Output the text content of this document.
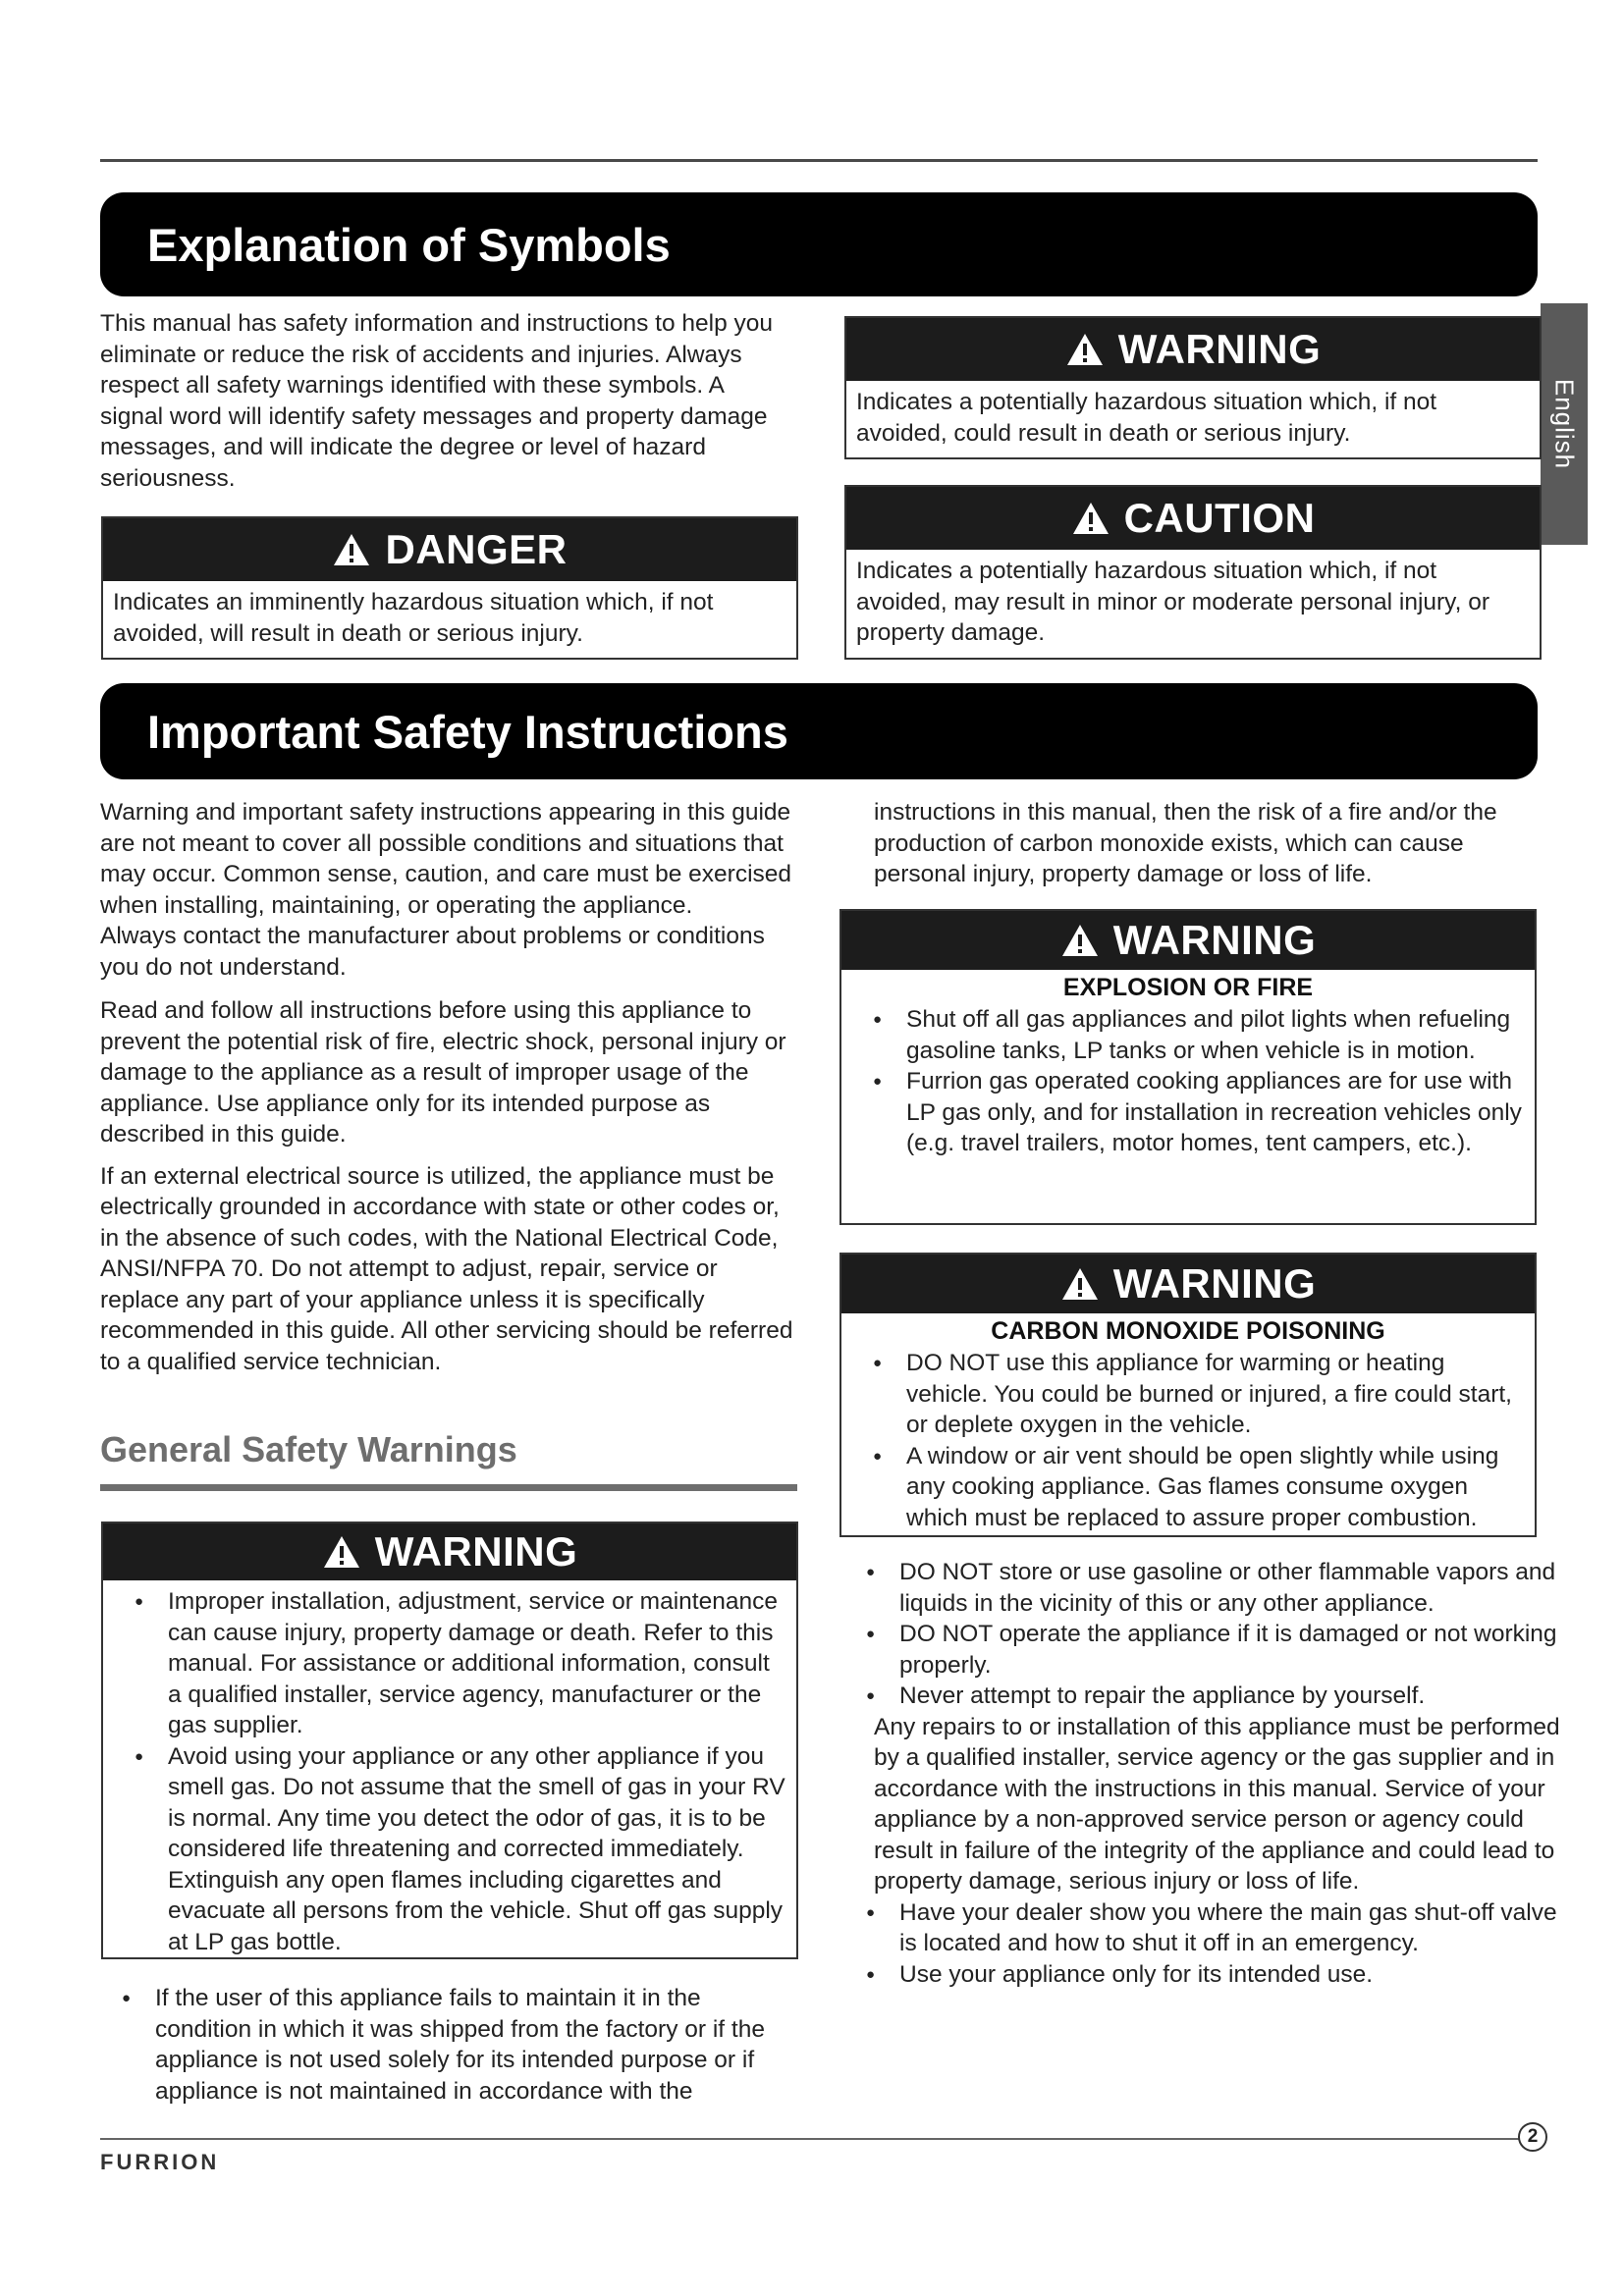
Explanation of Symbols
English

This manual has safety information and instructions to help you eliminate or reduce the risk of accidents and injuries. Always respect all safety warnings identified with these symbols. A signal word will identify safety messages and property damage messages, and will indicate the degree or level of hazard seriousness.

DANGER
Indicates an imminently hazardous situation which, if not avoided, will result in death or serious injury.
WARNING
Indicates a potentially hazardous situation which, if not avoided, could result in death or serious injury.
CAUTION
Indicates a potentially hazardous situation which, if not avoided, may result in minor or moderate personal injury, or property damage.
Important Safety Instructions

Warning and important safety instructions appearing in this guide are not meant to cover all possible conditions and situations that may occur. Common sense, caution, and care must be exercised when installing, maintaining, or operating the appliance.

Always contact the manufacturer about problems or conditions you do not understand.

Read and follow all instructions before using this appliance to prevent the potential risk of fire, electric shock, personal injury or damage to the appliance as a result of improper usage of the appliance. Use appliance only for its intended purpose as described in this guide.

If an external electrical source is utilized, the appliance must be electrically grounded in accordance with state or other codes or, in the absence of such codes, with the National Electrical Code, ANSI/NFPA 70. Do not attempt to adjust, repair, service or replace any part of your appliance unless it is specifically recommended in this guide. All other servicing should be referred to a qualified service technician.

General Safety Warnings
WARNING
● Improper installation, adjustment, service or maintenance can cause injury, property damage or death. Refer to this manual. For assistance or additional information, consult a qualified installer, service agency, manufacturer or the gas supplier.
● Avoid using your appliance or any other appliance if you smell gas. Do not assume that the smell of gas in your RV is normal. Any time you detect the odor of gas, it is to be considered life threatening and corrected immediately. Extinguish any open flames including cigarettes and evacuate all persons from the vehicle. Shut off gas supply at LP gas bottle.
● If the user of this appliance fails to maintain it in the condition in which it was shipped from the factory or if the appliance is not used solely for its intended purpose or if appliance is not maintained in accordance with the

instructions in this manual, then the risk of a fire and/or the production of carbon monoxide exists, which can cause personal injury, property damage or loss of life.

WARNING
EXPLOSION OR FIRE
● Shut off all gas appliances and pilot lights when refueling gasoline tanks, LP tanks or when vehicle is in motion.
● Furrion gas operated cooking appliances are for use with LP gas only, and for installation in recreation vehicles only (e.g. travel trailers, motor homes, tent campers, etc.).
WARNING
CARBON MONOXIDE POISONING
● DO NOT use this appliance for warming or heating vehicle. You could be burned or injured, a fire could start, or deplete oxygen in the vehicle.
● A window or air vent should be open slightly while using any cooking appliance. Gas flames consume oxygen which must be replaced to assure proper combustion.
● DO NOT store or use gasoline or other flammable vapors and liquids in the vicinity of this or any other appliance.
● DO NOT operate the appliance if it is damaged or not working properly.
● Never attempt to repair the appliance by yourself.

Any repairs to or installation of this appliance must be performed by a qualified installer, service agency or the gas supplier and in accordance with the instructions in this manual. Service of your appliance by a non-approved service person or agency could result in failure of the integrity of the appliance and could lead to property damage, serious injury or loss of life.

● Have your dealer show you where the main gas shut-off valve is located and how to shut it off in an emergency.
● Use your appliance only for its intended use.
2
FURRION
